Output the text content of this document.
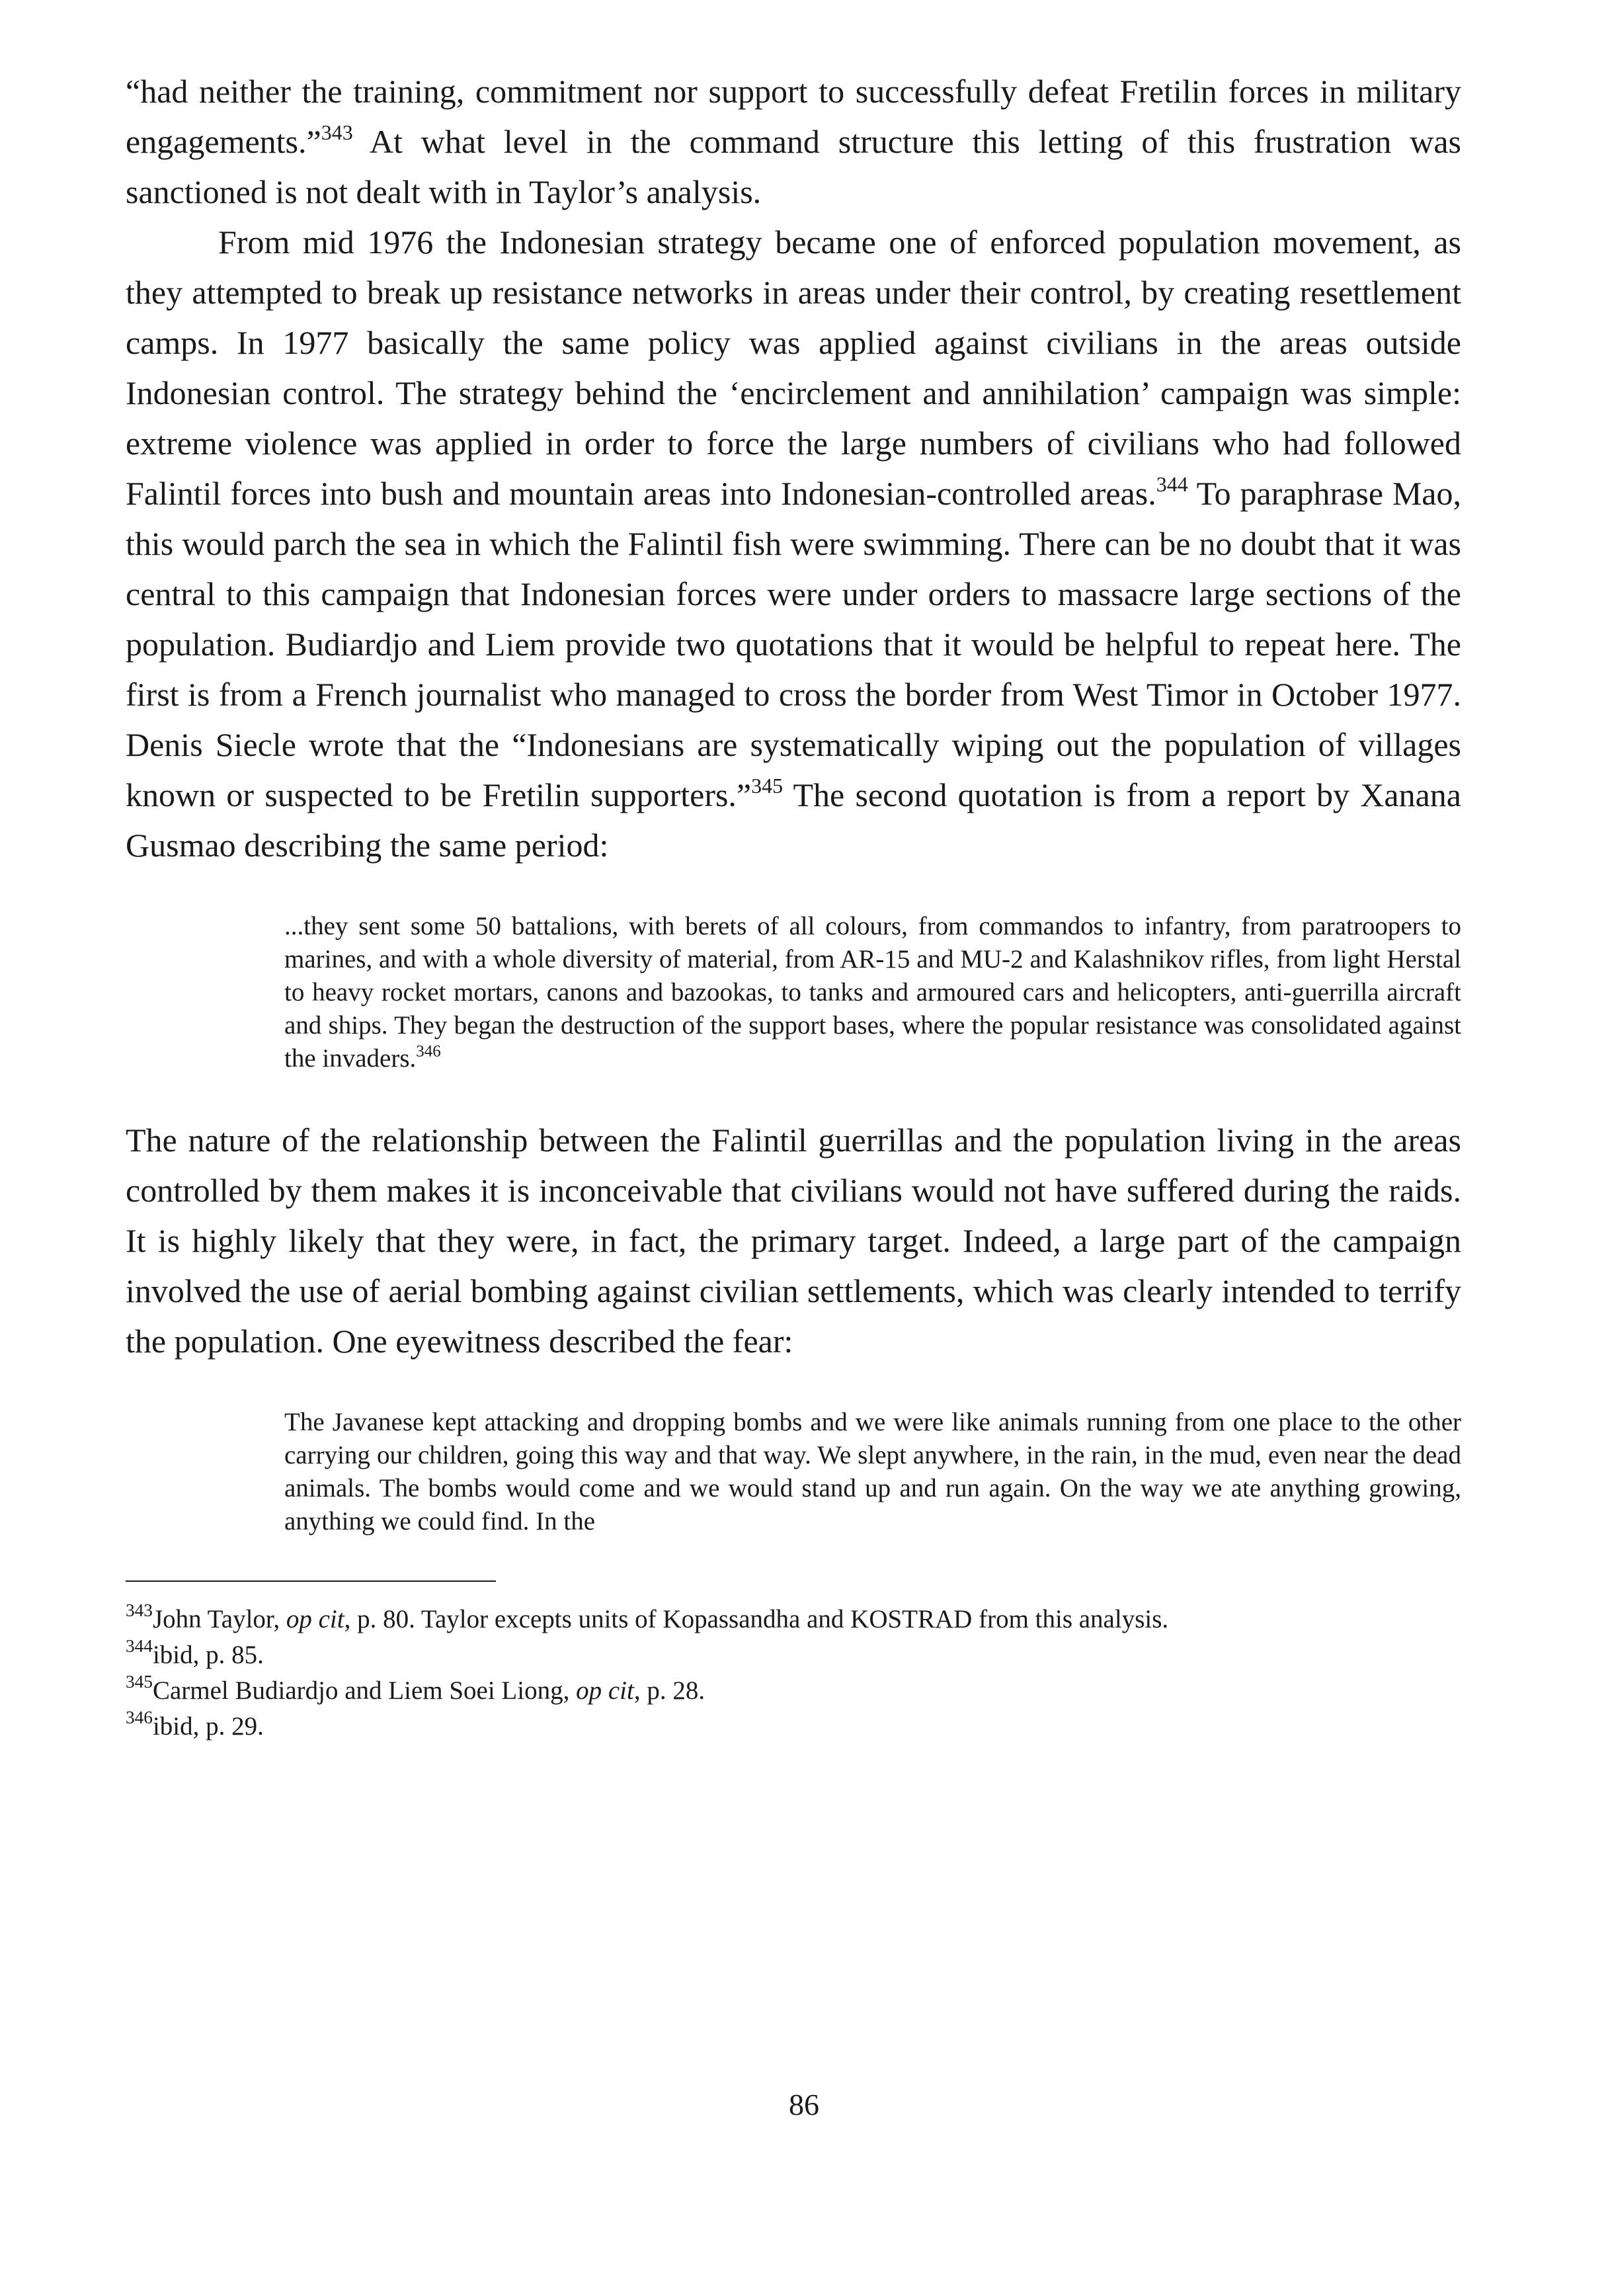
“had neither the training, commitment nor support to successfully defeat Fretilin forces in military engagements.”$^{343}$ At what level in the command structure this letting of this frustration was sanctioned is not dealt with in Taylor’s analysis.

From mid 1976 the Indonesian strategy became one of enforced population movement, as they attempted to break up resistance networks in areas under their control, by creating resettlement camps. In 1977 basically the same policy was applied against civilians in the areas outside Indonesian control. The strategy behind the ‘encirclement and annihilation’ campaign was simple: extreme violence was applied in order to force the large numbers of civilians who had followed Falintil forces into bush and mountain areas into Indonesian-controlled areas.$^{344}$ To paraphrase Mao, this would parch the sea in which the Falintil fish were swimming. There can be no doubt that it was central to this campaign that Indonesian forces were under orders to massacre large sections of the population. Budiardjo and Liem provide two quotations that it would be helpful to repeat here. The first is from a French journalist who managed to cross the border from West Timor in October 1977. Denis Siecle wrote that the “Indonesians are systematically wiping out the population of villages known or suspected to be Fretilin supporters.”$^{345}$ The second quotation is from a report by Xanana Gusmao describing the same period:

...they sent some 50 battalions, with berets of all colours, from commandos to infantry, from paratroopers to marines, and with a whole diversity of material, from AR-15 and MU-2 and Kalashnikov rifles, from light Herstal to heavy rocket mortars, canons and bazookas, to tanks and armoured cars and helicopters, anti-guerrilla aircraft and ships. They began the destruction of the support bases, where the popular resistance was consolidated against the invaders.$^{346}$

The nature of the relationship between the Falintil guerrillas and the population living in the areas controlled by them makes it is inconceivable that civilians would not have suffered during the raids. It is highly likely that they were, in fact, the primary target. Indeed, a large part of the campaign involved the use of aerial bombing against civilian settlements, which was clearly intended to terrify the population. One eyewitness described the fear:

The Javanese kept attacking and dropping bombs and we were like animals running from one place to the other carrying our children, going this way and that way. We slept anywhere, in the rain, in the mud, even near the dead animals. The bombs would come and we would stand up and run again. On the way we ate anything growing, anything we could find. In the

$^{343}$John Taylor, op cit, p. 80. Taylor excepts units of Kopassandha and KOSTRAD from this analysis.

$^{344}$ibid, p. 85.

$^{345}$Carmel Budiardjo and Liem Soei Liong, op cit, p. 28.

$^{346}$ibid, p. 29.

86
